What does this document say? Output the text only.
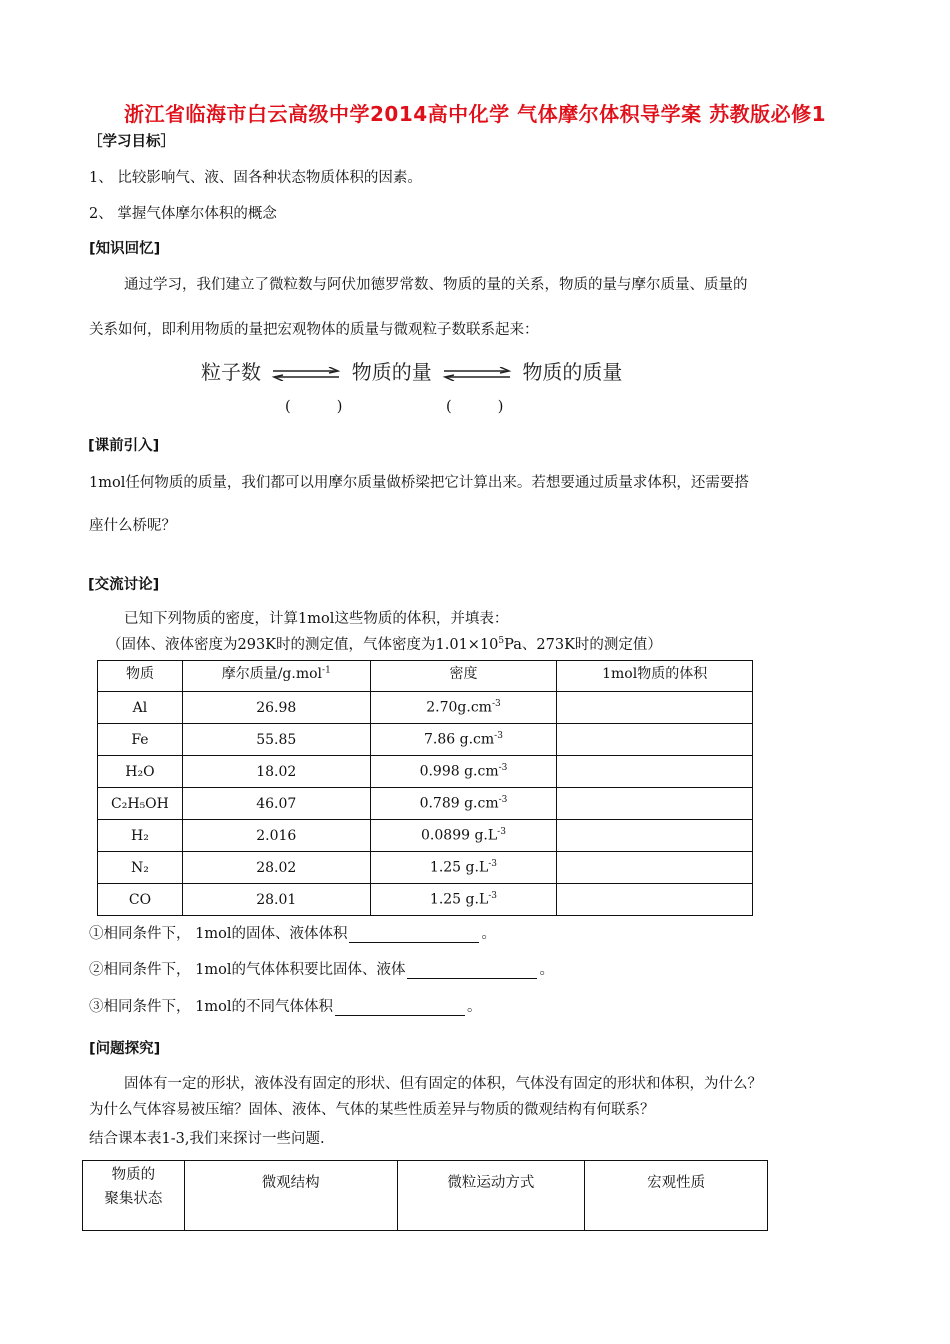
浙江省临海市白云高级中学2014高中化学 气体摩尔体积导学案 苏教版必修1
［学习目标］
1、 比较影响气、液、固各种状态物质体积的因素。
2、 掌握气体摩尔体积的概念
[知识回忆]
通过学习，我们建立了微粒数与阿伏加德罗常数、物质的量的关系，物质的量与摩尔质量、质量的
关系如何，即利用物质的量把宏观物体的质量与微观粒子数联系起来：
粒子数	物质的量	物质的质量
(          )	(          )
[课前引入]
1mol任何物质的质量，我们都可以用摩尔质量做桥梁把它计算出来。若想要通过质量求体积，还需要搭
座什么桥呢？
[交流讨论]
已知下列物质的密度，计算1mol这些物质的体积，并填表：
（固体、液体密度为293K时的测定值，气体密度为$1.01\times 10^5Pa$、273K时的测定值）
物质	摩尔质量/g.mol$^{-1}$	密度	1mol物质的体积
Al	26.98	$2.70g.cm^{-3}$	
Fe	55.85	7.86 $g.cm^{-3}$	
H₂O	18.02	0.998 $g.cm^{-3}$	
C₂H₅OH	46.07	0.789 $g.cm^{-3}$	
H₂	2.016	0.0899 $g.L^{-3}$	
N₂	28.02	1.25 $g.L^{-3}$	
CO	28.01	1.25 $g.L^{-3}$	
①相同条件下， 1mol的固体、液体体积	。
②相同条件下， 1mol的气体体积要比固体、液体	。
③相同条件下， 1mol的不同气体体积	。
[问题探究]
固体有一定的形状，液体没有固定的形状、但有固定的体积，气体没有固定的形状和体积，为什么？
为什么气体容易被压缩？固体、液体、气体的某些性质差异与物质的微观结构有何联系？
结合课本表1-3,我们来探讨一些问题.
物质的
聚集状态	微观结构	微粒运动方式	宏观性质
